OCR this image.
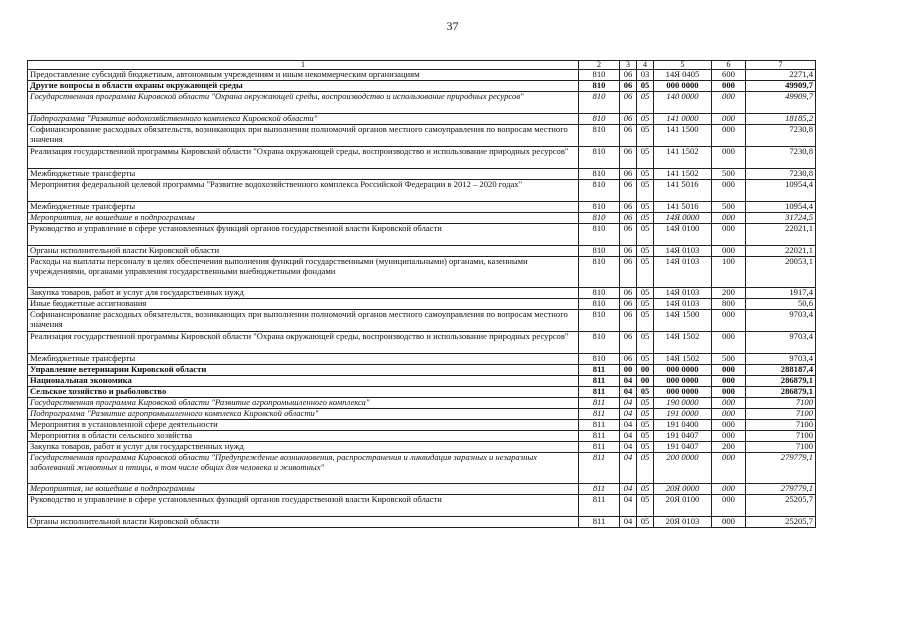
37
1	2	3	4	5	6	7
Предоставление субсидий бюджетным, автономным учреждениям и иным некоммерческим организациям	810	06	03	14Я 0405	600	2271,4
Другие вопросы в области охраны окружающей среды	810	06	05	000 0000	000	49909,7
Государственная программа Кировской области "Охрана окружающей среды, воспроизводство и использование природных ресурсов"	810	06	05	140 0000	000	49909,7
Подпрограмма "Развитие водохозяйственного комплекса Кировской области"	810	06	05	141 0000	000	18185,2
Софинансирование расходных обязательств, возникающих при выполнении полномочий органов местного самоуправления по вопросам местного значения	810	06	05	141 1500	000	7230,8
Реализация государственной программы Кировской области "Охрана окружающей среды, воспроизводство и использование природных ресурсов"	810	06	05	141 1502	000	7230,8
Межбюджетные трансферты	810	06	05	141 1502	500	7230,8
Мероприятия федеральной целевой программы "Развитие водохозяйственного комплекса Российской Федерации в 2012 – 2020 годах"	810	06	05	141 5016	000	10954,4
Межбюджетные трансферты	810	06	05	141 5016	500	10954,4
Мероприятия, не вошедшие в подпрограммы	810	06	05	14Я 0000	000	31724,5
Руководство и управление в сфере установленных функций органов государственной власти Кировской области	810	06	05	14Я 0100	000	22021,1
Органы исполнительной власти Кировской области	810	06	05	14Я 0103	000	22021,1
Расходы на выплаты персоналу в целях обеспечения выполнения функций государственными (муниципальными) органами, казенными учреждениями, органами управления государственными внебюджетными фондами	810	06	05	14Я 0103	100	20053,1
Закупка товаров, работ и услуг для государственных нужд	810	06	05	14Я 0103	200	1917,4
Иные бюджетные ассигнования	810	06	05	14Я 0103	800	50,6
Софинансирование расходных обязательств, возникающих при выполнении полномочий органов местного самоуправления по вопросам местного значения	810	06	05	14Я 1500	000	9703,4
Реализация государственной программы Кировской области "Охрана окружающей среды, воспроизводство и использование природных ресурсов"	810	06	05	14Я 1502	000	9703,4
Межбюджетные трансферты	810	06	05	14Я 1502	500	9703,4
Управление ветеринарии Кировской области	811	00	00	000 0000	000	288187,4
Национальная экономика	811	04	00	000 0000	000	286879,1
Сельское хозяйство и рыболовство	811	04	05	000 0000	000	286879,1
Государственная программа Кировской области "Развитие агропромышленного комплекса"	811	04	05	190 0000	000	7100
Подпрограмма "Развитие агропромышленного комплекса Кировской области"	811	04	05	191 0000	000	7100
Мероприятия в установленной сфере деятельности	811	04	05	191 0400	000	7100
Мероприятия в области сельского хозяйства	811	04	05	191 0407	000	7100
Закупка товаров, работ и услуг для государственных нужд	811	04	05	191 0407	200	7100
Государственная программа Кировской области "Предупреждение возникновения, распространения и ликвидация заразных и незаразных заболеваний животных и птицы, в том числе общих для человека и животных"	811	04	05	200 0000	000	279779,1
Мероприятия, не вошедшие в подпрограммы	811	04	05	20Я 0000	000	279779,1
Руководство и управление в сфере установленных функций органов государственной власти Кировской области	811	04	05	20Я 0100	000	25205,7
Органы исполнительной власти Кировской области	811	04	05	20Я 0103	000	25205,7
